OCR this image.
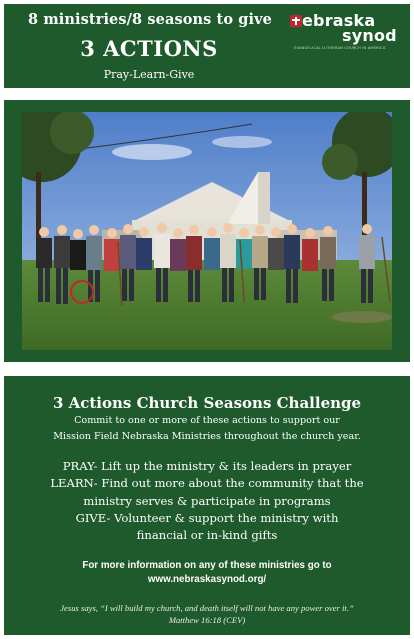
8 ministries/8 seasons to give
3 ACTIONS
Pray-Learn-Give
ebraska
synod
EVANGELICAL LUTHERAN CHURCH IN AMERICA
3 Actions Church Seasons Challenge
Commit to one or more of these actions to support our
Mission Field Nebraska Ministries throughout the church year.
PRAY- Lift up the ministry & its leaders in prayer
LEARN- Find out more about the community that the
ministry serves & participate in programs
GIVE- Volunteer & support the ministry with
financial or in-kind gifts
For more information on any of these ministries go to
www.nebraskasynod.org/
Jesus says, “I will build my church, and death itself will not have any power over it.”
Matthew 16:18 (CEV)
